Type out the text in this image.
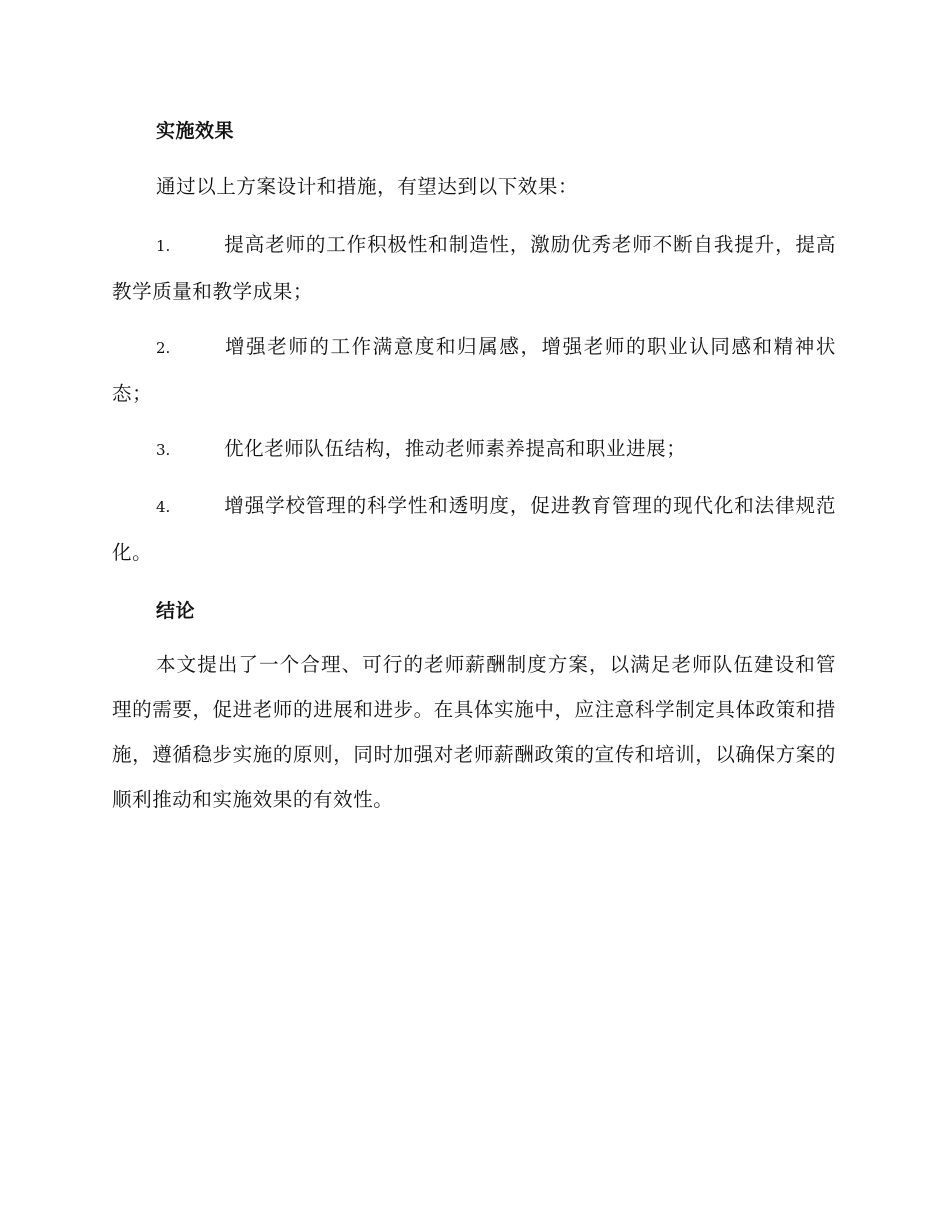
实施效果
通过以上方案设计和措施，有望达到以下效果：
1.	提高老师的工作积极性和制造性，激励优秀老师不断自我提升，提高教学质量和教学成果；
2.	增强老师的工作满意度和归属感，增强老师的职业认同感和精神状态；
3.	优化老师队伍结构，推动老师素养提高和职业进展；
4.	增强学校管理的科学性和透明度，促进教育管理的现代化和法律规范化。
结论
本文提出了一个合理、可行的老师薪酬制度方案，以满足老师队伍建设和管理的需要，促进老师的进展和进步。在具体实施中，应注意科学制定具体政策和措施，遵循稳步实施的原则，同时加强对老师薪酬政策的宣传和培训，以确保方案的顺利推动和实施效果的有效性。
